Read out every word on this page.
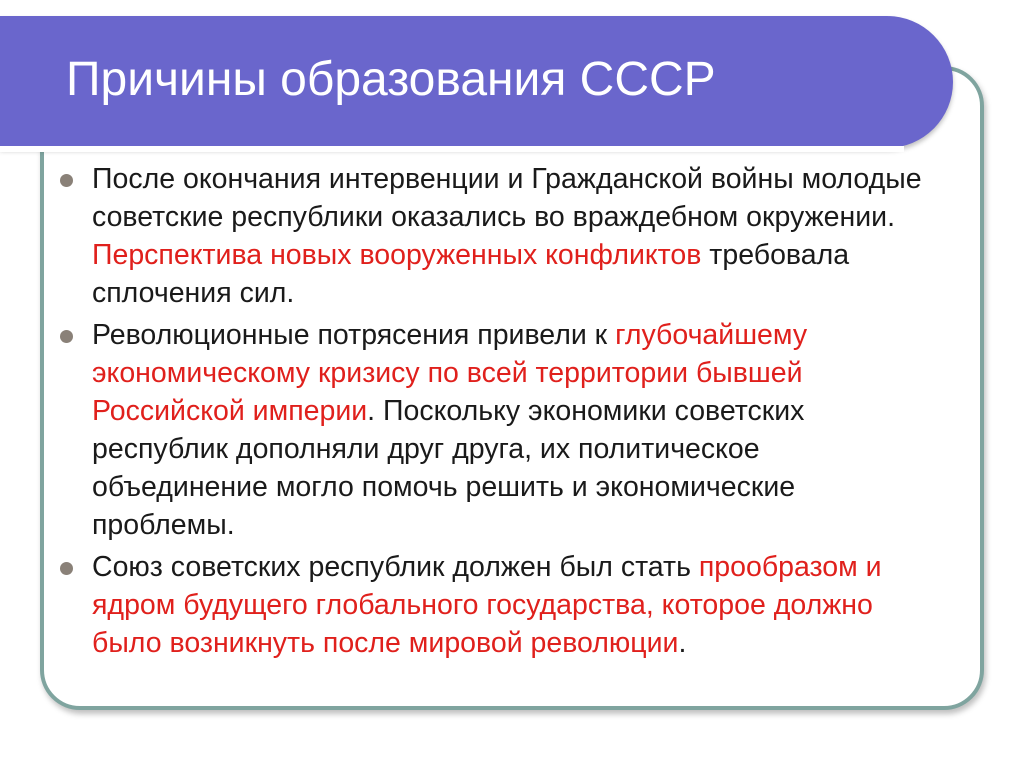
Причины образования СССР
После окончания интервенции и Гражданской войны молодые советские республики оказались во враждебном окружении. Перспектива новых вооруженных конфликтов требовала сплочения сил.
Революционные потрясения привели к глубочайшему экономическому кризису по всей территории бывшей Российской империи. Поскольку экономики советских республик дополняли друг друга, их политическое объединение могло помочь решить и экономические проблемы.
Союз советских республик должен был стать прообразом и ядром будущего глобального государства, которое должно было возникнуть после мировой революции.
